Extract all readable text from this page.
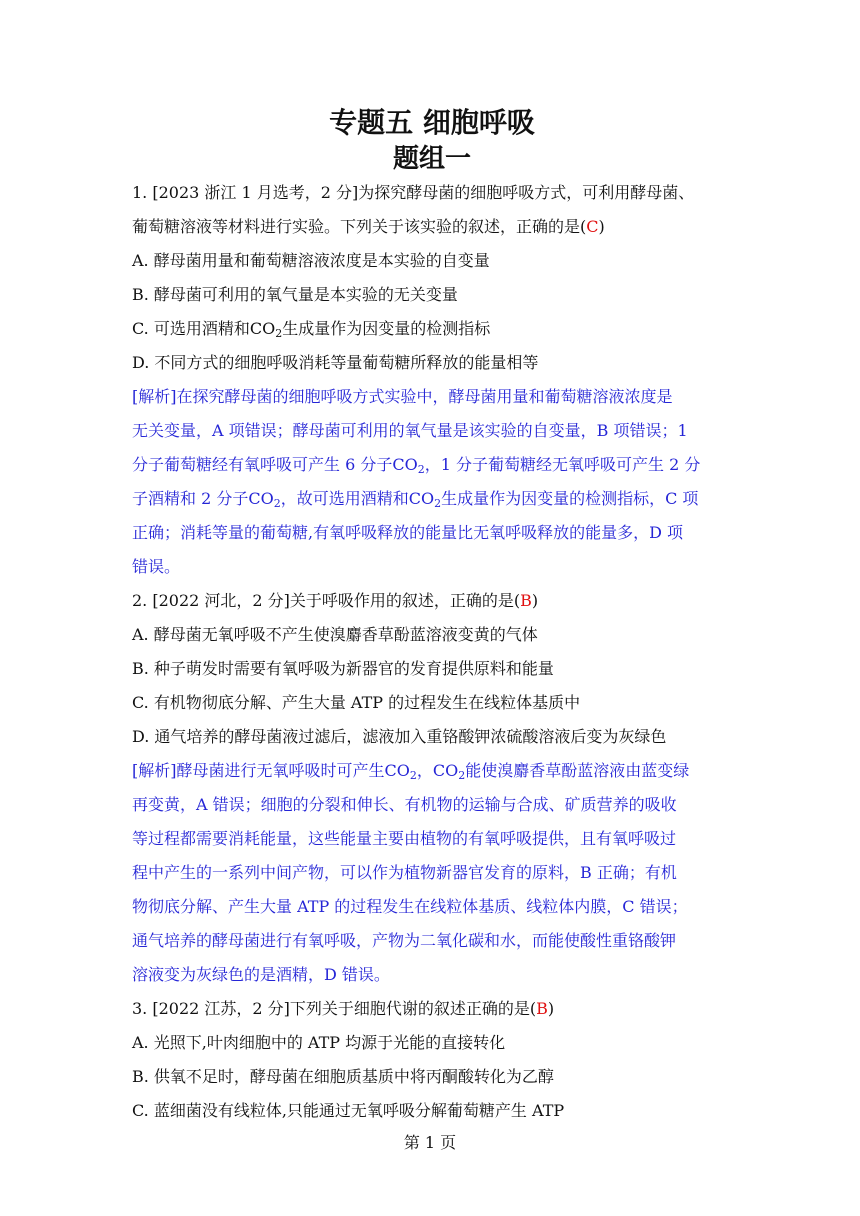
专题五 细胞呼吸
题组一

1. [2023 浙江 1 月选考，2 分]为探究酵母菌的细胞呼吸方式，可利用酵母菌、

葡萄糖溶液等材料进行实验。下列关于该实验的叙述，正确的是(C)

A. 酵母菌用量和葡萄糖溶液浓度是本实验的自变量

B. 酵母菌可利用的氧气量是本实验的无关变量

C. 可选用酒精和$CO_2$生成量作为因变量的检测指标

D. 不同方式的细胞呼吸消耗等量葡萄糖所释放的能量相等

[解析]在探究酵母菌的细胞呼吸方式实验中，酵母菌用量和葡萄糖溶液浓度是

无关变量，A 项错误；酵母菌可利用的氧气量是该实验的自变量，B 项错误；1

分子葡萄糖经有氧呼吸可产生 6 分子$CO_2$，1 分子葡萄糖经无氧呼吸可产生 2 分

子酒精和 2 分子$CO_2$，故可选用酒精和$CO_2$生成量作为因变量的检测指标，C 项

正确；消耗等量的葡萄糖,有氧呼吸释放的能量比无氧呼吸释放的能量多，D 项

错误。

2. [2022 河北，2 分]关于呼吸作用的叙述，正确的是(B)

A. 酵母菌无氧呼吸不产生使溴麝香草酚蓝溶液变黄的气体

B. 种子萌发时需要有氧呼吸为新器官的发育提供原料和能量

C. 有机物彻底分解、产生大量 ATP 的过程发生在线粒体基质中

D. 通气培养的酵母菌液过滤后，滤液加入重铬酸钾浓硫酸溶液后变为灰绿色

[解析]酵母菌进行无氧呼吸时可产生$CO_2$，$CO_2$能使溴麝香草酚蓝溶液由蓝变绿

再变黄，A 错误；细胞的分裂和伸长、有机物的运输与合成、矿质营养的吸收

等过程都需要消耗能量，这些能量主要由植物的有氧呼吸提供，且有氧呼吸过

程中产生的一系列中间产物，可以作为植物新器官发育的原料，B 正确；有机

物彻底分解、产生大量 ATP 的过程发生在线粒体基质、线粒体内膜，C 错误；

通气培养的酵母菌进行有氧呼吸，产物为二氧化碳和水，而能使酸性重铬酸钾

溶液变为灰绿色的是酒精，D 错误。

3. [2022 江苏，2 分]下列关于细胞代谢的叙述正确的是(B)

A. 光照下,叶肉细胞中的 ATP 均源于光能的直接转化

B. 供氧不足时，酵母菌在细胞质基质中将丙酮酸转化为乙醇

C. 蓝细菌没有线粒体,只能通过无氧呼吸分解葡萄糖产生 ATP

第 1 页
